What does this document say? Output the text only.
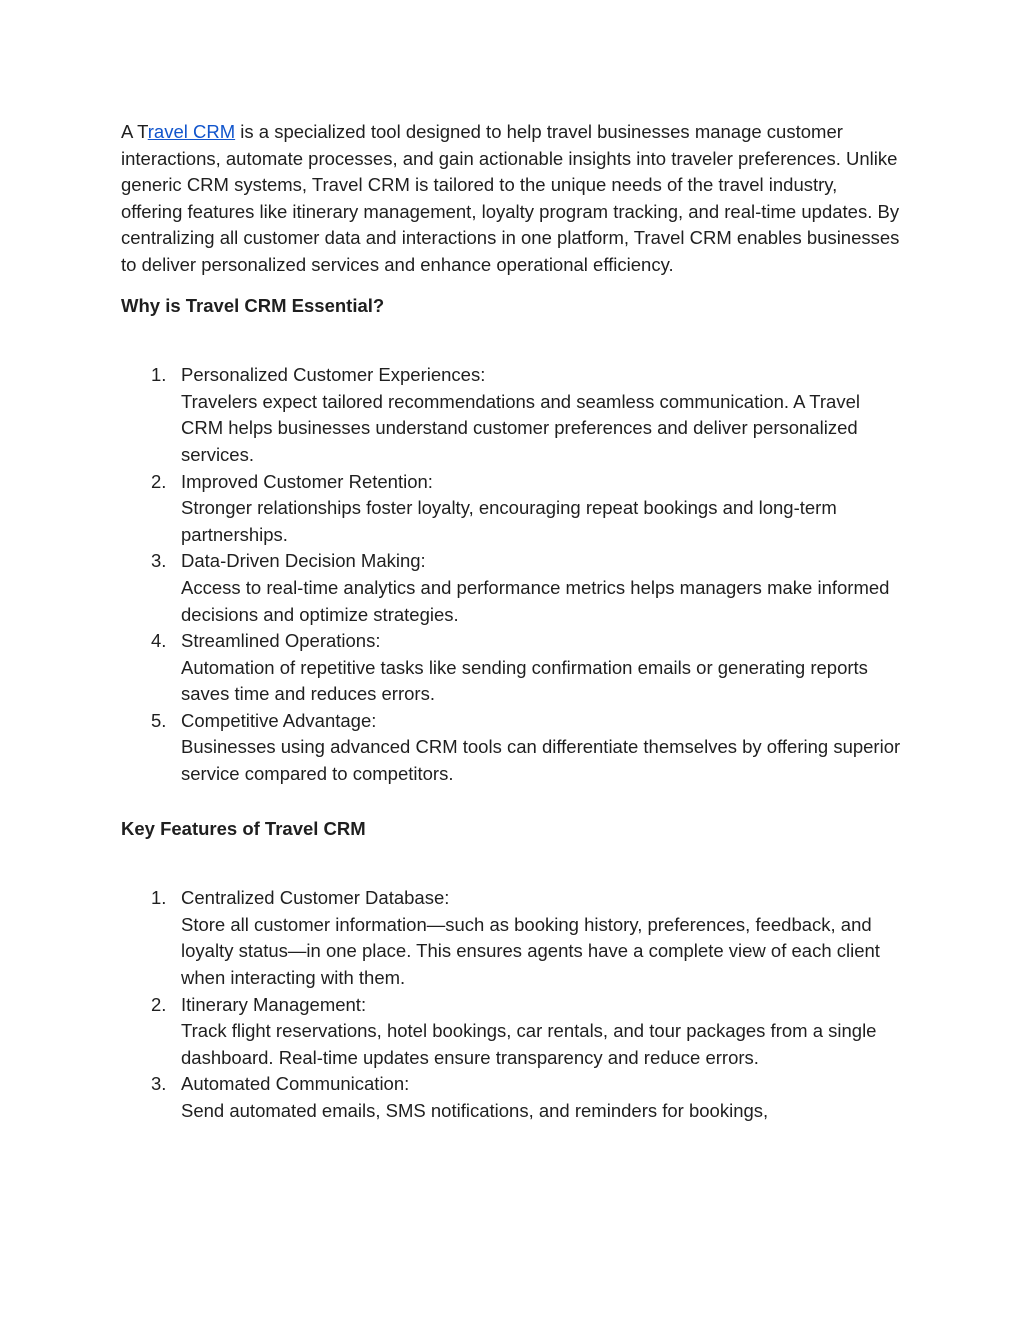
A Travel CRM is a specialized tool designed to help travel businesses manage customer interactions, automate processes, and gain actionable insights into traveler preferences. Unlike generic CRM systems, Travel CRM is tailored to the unique needs of the travel industry, offering features like itinerary management, loyalty program tracking, and real-time updates. By centralizing all customer data and interactions in one platform, Travel CRM enables businesses to deliver personalized services and enhance operational efficiency.

Why is Travel CRM Essential?

1. Personalized Customer Experiences:
Travelers expect tailored recommendations and seamless communication. A Travel CRM helps businesses understand customer preferences and deliver personalized services.
2. Improved Customer Retention:
Stronger relationships foster loyalty, encouraging repeat bookings and long-term partnerships.
3. Data-Driven Decision Making:
Access to real-time analytics and performance metrics helps managers make informed decisions and optimize strategies.
4. Streamlined Operations:
Automation of repetitive tasks like sending confirmation emails or generating reports saves time and reduces errors.
5. Competitive Advantage:
Businesses using advanced CRM tools can differentiate themselves by offering superior service compared to competitors.

Key Features of Travel CRM

1. Centralized Customer Database:
Store all customer information—such as booking history, preferences, feedback, and loyalty status—in one place. This ensures agents have a complete view of each client when interacting with them.
2. Itinerary Management:
Track flight reservations, hotel bookings, car rentals, and tour packages from a single dashboard. Real-time updates ensure transparency and reduce errors.
3. Automated Communication:
Send automated emails, SMS notifications, and reminders for bookings,
